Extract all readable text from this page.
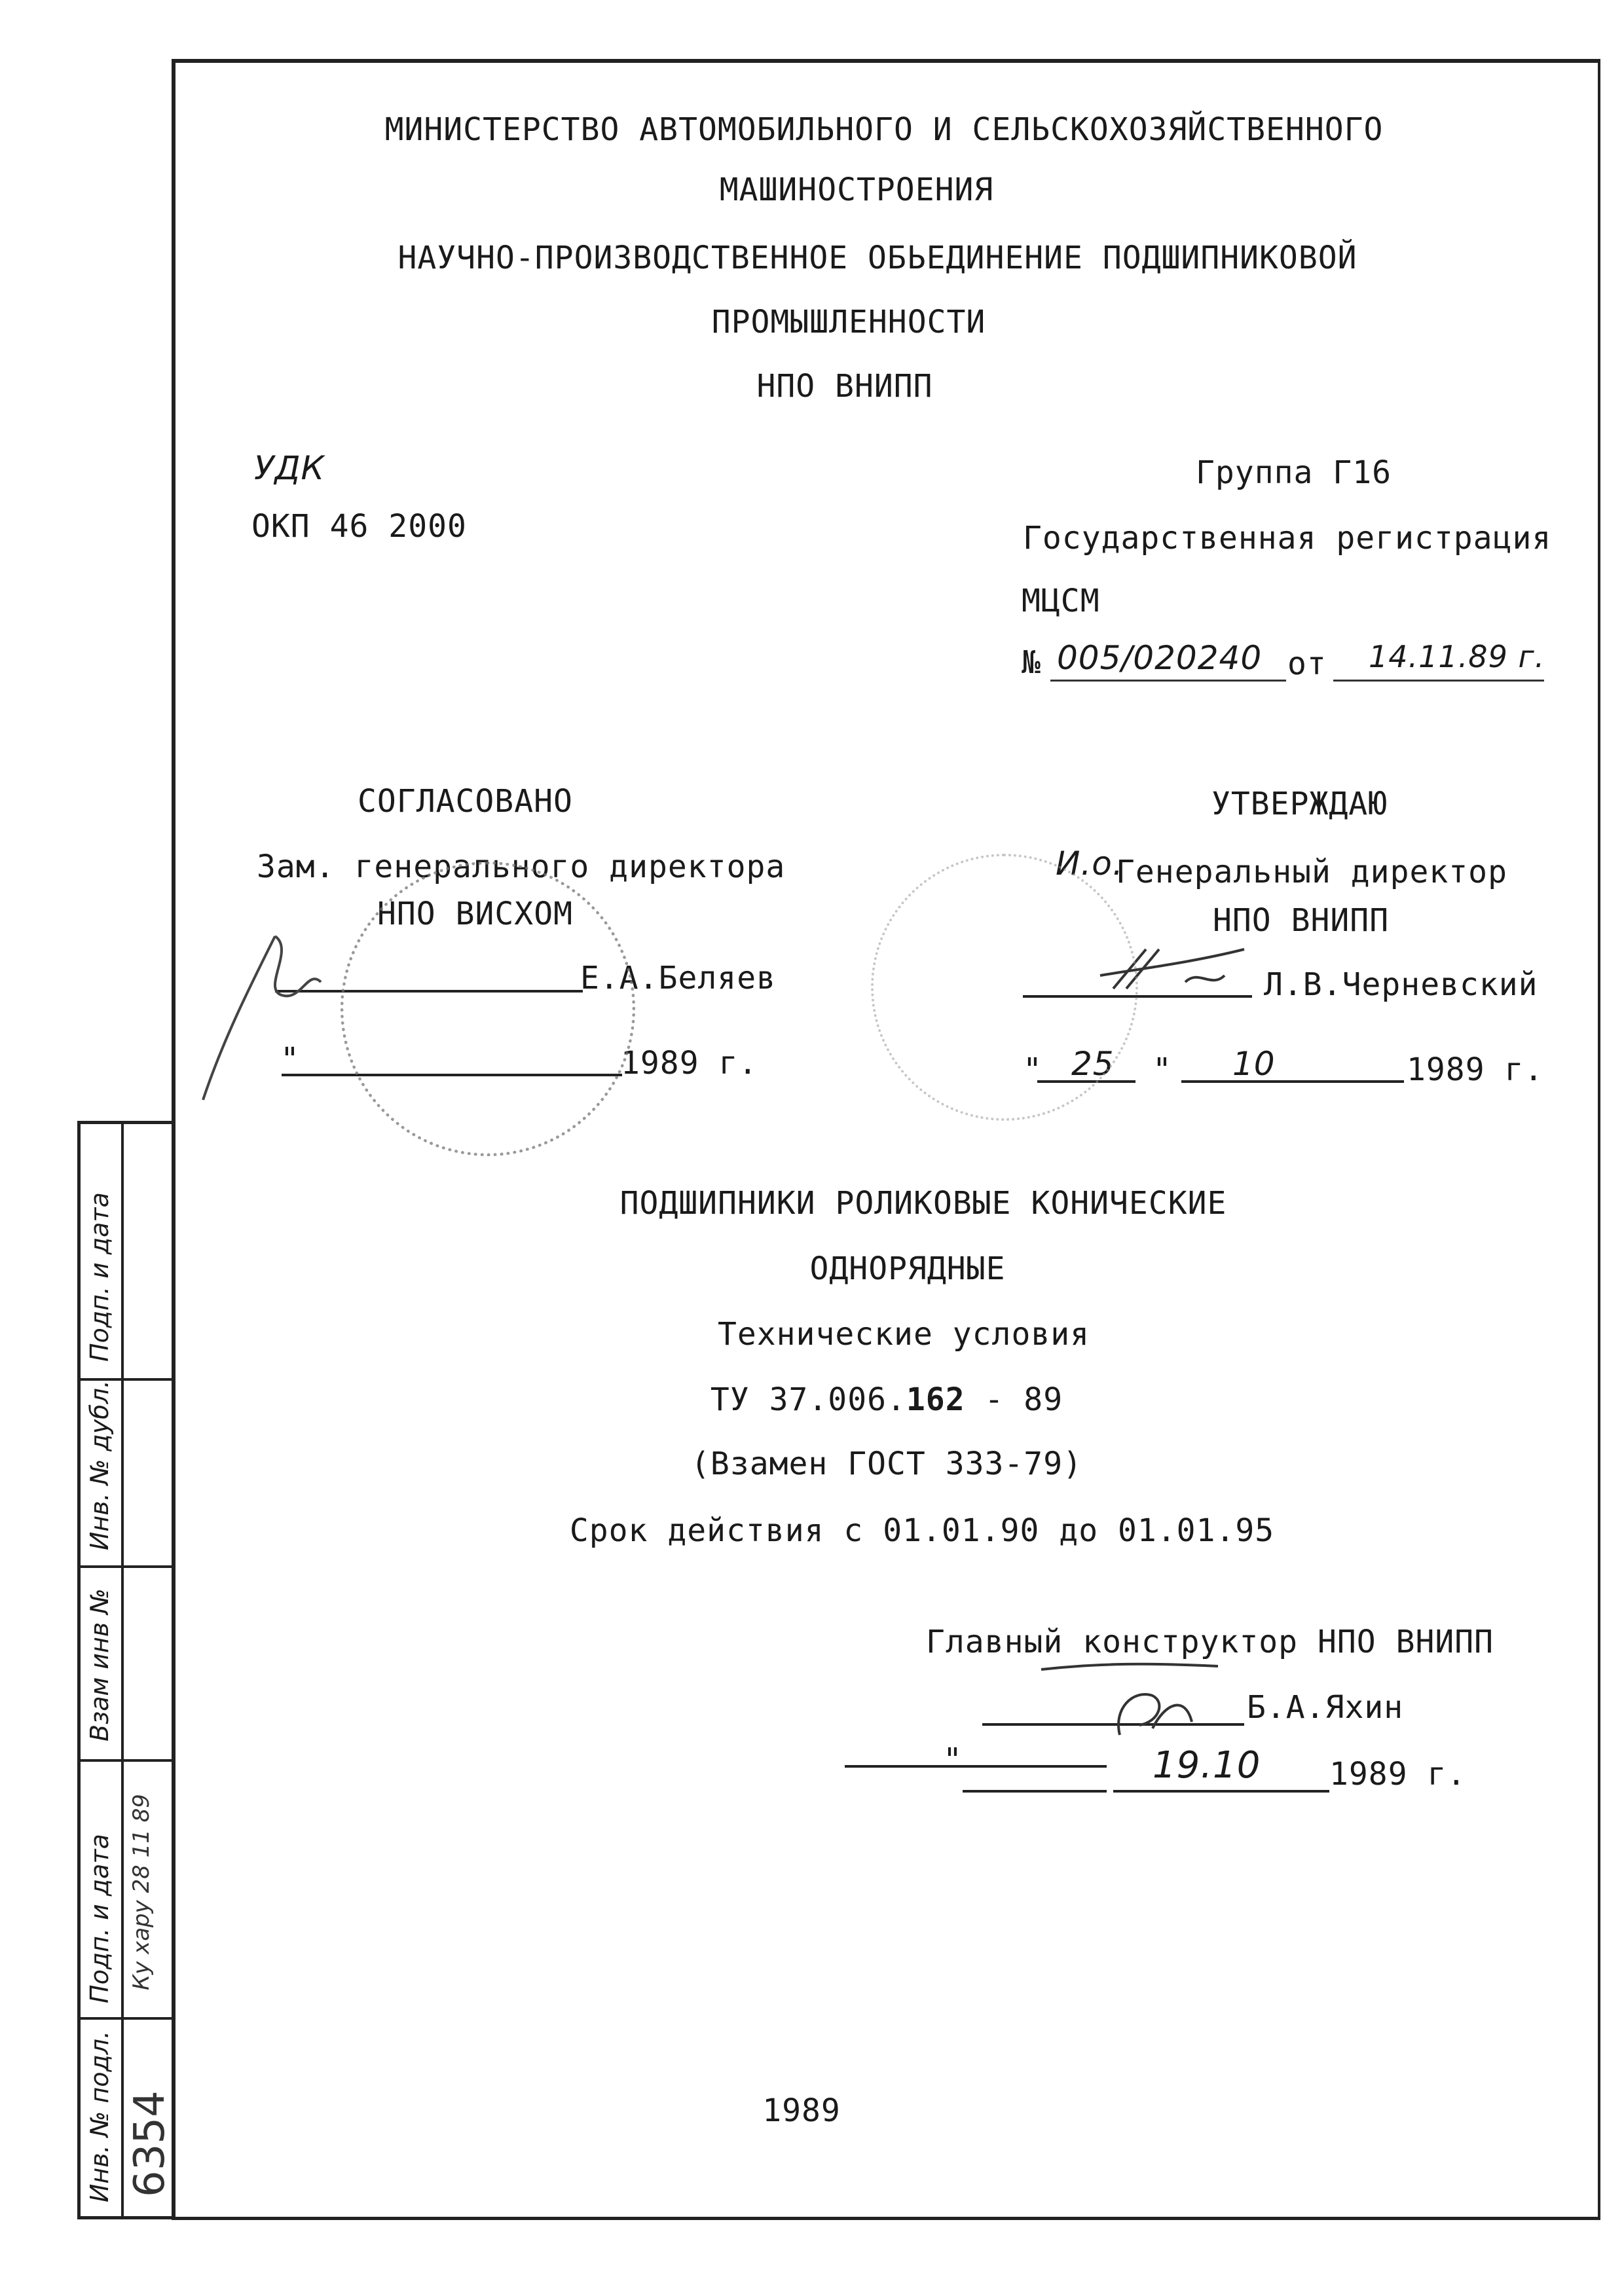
МИНИСТЕРСТВО АВТОМОБИЛЬНОГО И СЕЛЬСКОХОЗЯЙСТВЕННОГО
МАШИНОСТРОЕНИЯ
НАУЧНО-ПРОИЗВОДСТВЕННОЕ ОБЬЕДИНЕНИЕ ПОДШИПНИКОВОЙ
ПРОМЫШЛЕННОСТИ
НПО ВНИПП
УДК
ОКП 46 2000
Группа Г16
Государственная регистрация
МЦСМ
№ 005/020240 от 14.11.89 г.
СОГЛАСОВАНО
Зам. генерального директора
НПО ВИСХОМ
Е.А.Беляев
"	1989 г.
УТВЕРЖДАЮ
И.о.
Генеральный директор
НПО ВНИПП
Л.В.Черневский
" 25 " 10	1989 г.
ПОДШИПНИКИ РОЛИКОВЫЕ КОНИЧЕСКИЕ
ОДНОРЯДНЫЕ
Технические условия
ТУ 37.006.162 - 89
(Взамен ГОСТ 333-79)
Срок действия с 01.01.90 до 01.01.95
Главный конструктор НПО ВНИПП
Б.А.Яхин
"	19.10 1989 г.
1989
Подп. и дата
Инв. № дубл.
Взам инв №
Подп. и дата
Инв. № подл.
Ку хару 28 11 89
6354
